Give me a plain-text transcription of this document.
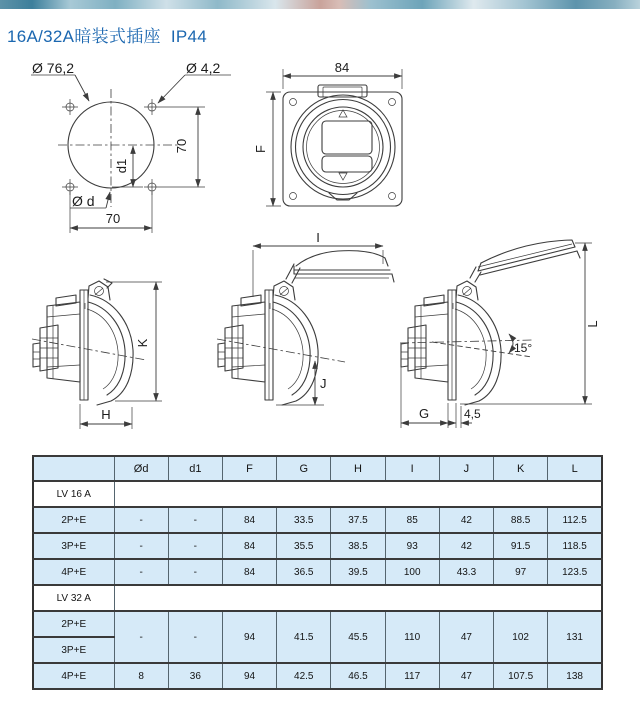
16A/32A暗装式插座  IP44
Ø 76,2	Ø 4,2
70
d1
Ø d
70
84
F
K
H
I
J
15°
L
G	4,5
	Ød	d1	F	G	H	I	J	K	L
LV 16 A									
2P+E	-	-	84	33.5	37.5	85	42	88.5	112.5
3P+E	-	-	84	35.5	38.5	93	42	91.5	118.5
4P+E	-	-	84	36.5	39.5	100	43.3	97	123.5
LV 32 A									
2P+E	-	-	94	41.5	45.5	110	47	102	131
3P+E									
4P+E	8	36	94	42.5	46.5	117	47	107.5	138
